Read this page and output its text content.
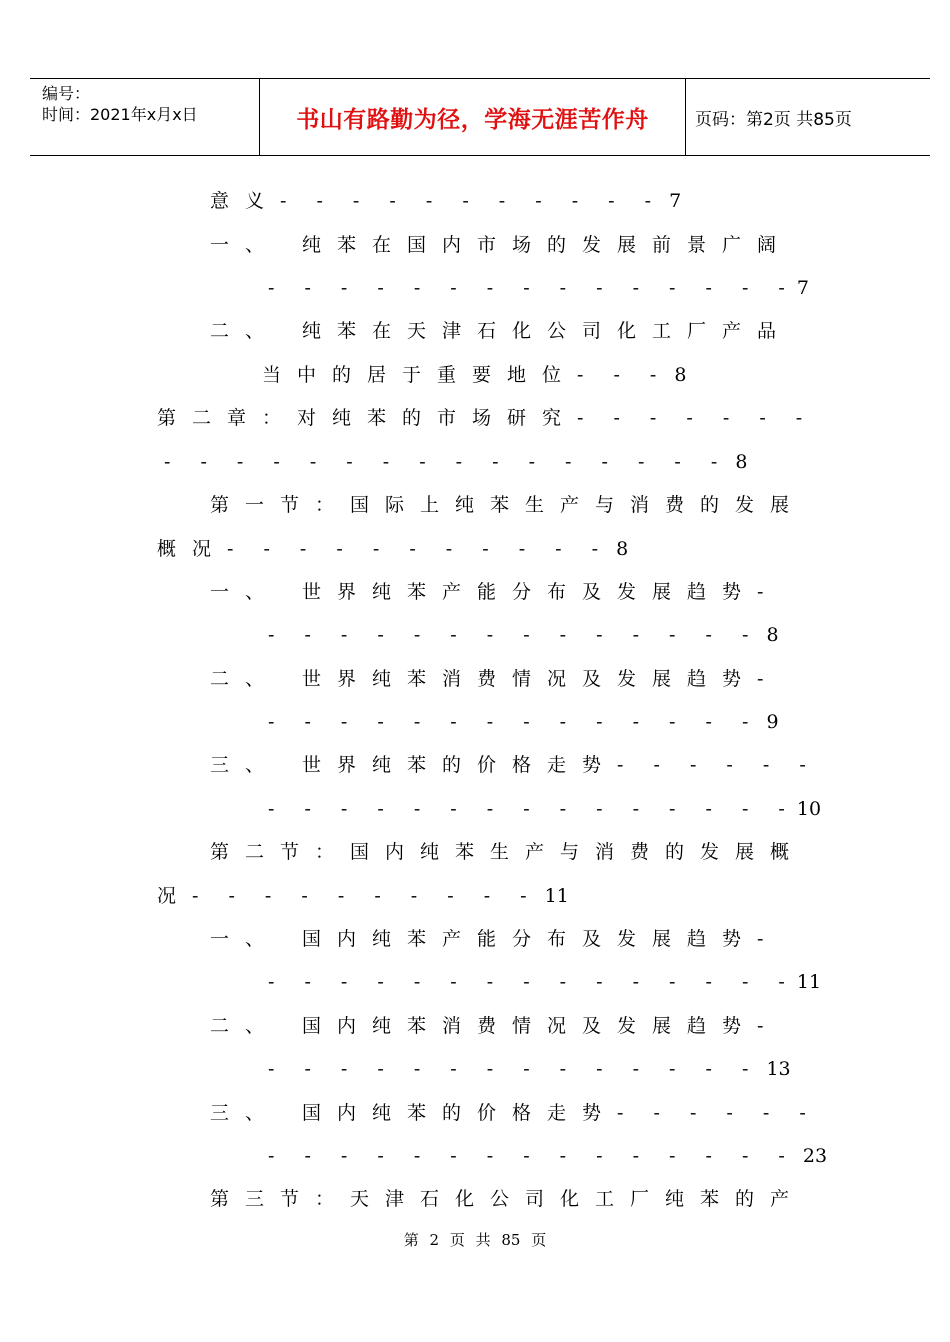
编号：
时间：2021年x月x日	书山有路勤为径，学海无涯苦作舟	页码：第2页 共85页
意义- - - - - - - - - - - 7
一、 纯苯在国内市场的发展前景广阔
- - - - - - - - - - - - - - -7
二、 纯苯在天津石化公司化工厂产品
当中的居于重要地位- - - 8
第二章：对纯苯的市场研究- - - - - - -
- - - - - - - - - - - - - - - - 8
第一节：国际上纯苯生产与消费的发展
概况- - - - - - - - - - - 8
一、 世界纯苯产能分布及发展趋势-
- - - - - - - - - - - - - - 8
二、 世界纯苯消费情况及发展趋势-
- - - - - - - - - - - - - - 9
三、 世界纯苯的价格走势- - - - - -
- - - - - - - - - - - - - - -10
第二节：国内纯苯生产与消费的发展概
况- - - - - - - - - - 11
一、 国内纯苯产能分布及发展趋势-
- - - - - - - - - - - - - - -11
二、 国内纯苯消费情况及发展趋势-
- - - - - - - - - - - - - - 13
三、 国内纯苯的价格走势- - - - - -
- - - - - - - - - - - - - - - 23
第三节：天津石化公司化工厂纯苯的产
第 2 页 共 85 页
